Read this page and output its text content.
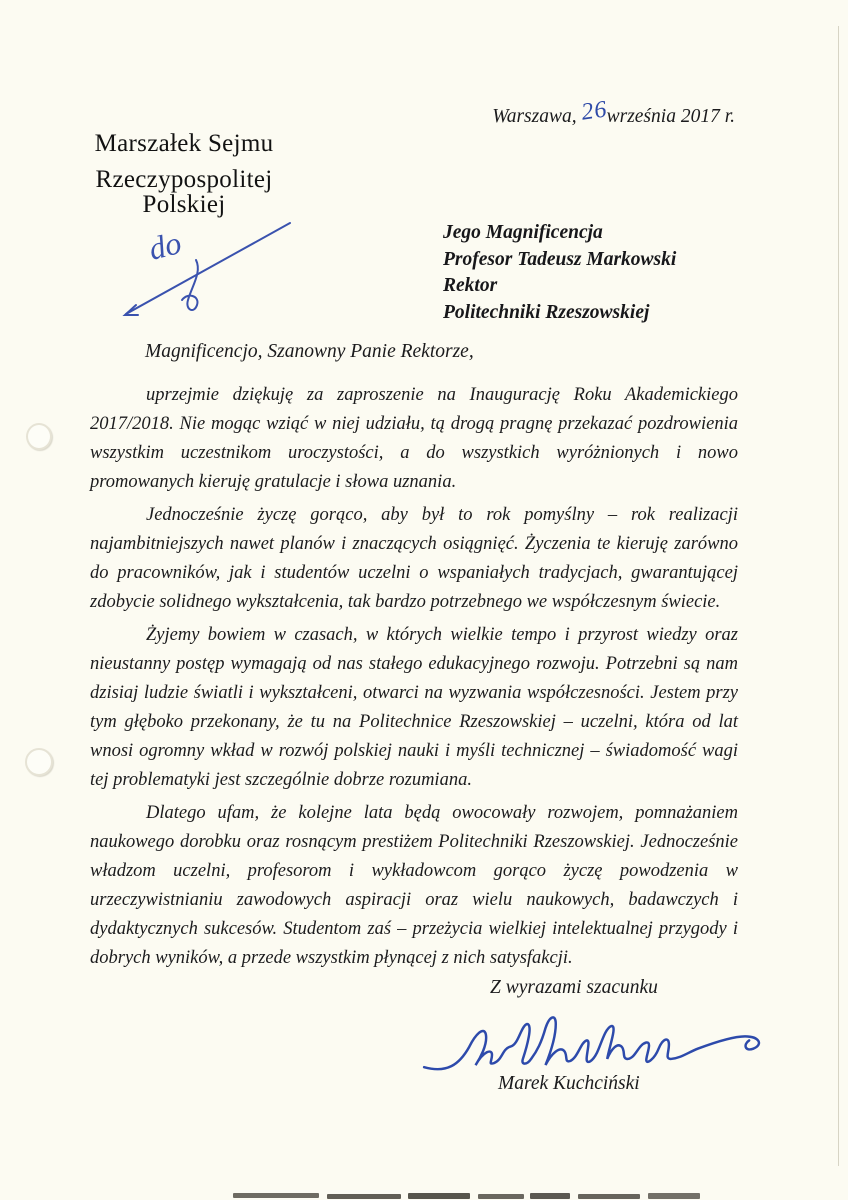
Warszawa, 26września 2017 r.
Marszałek Sejmu
Rzeczypospolitej Polskiej
do	Jego Magnificencja
Profesor Tadeusz Markowski
Rektor
Politechniki Rzeszowskiej
Magnificencjo, Szanowny Panie Rektorze,

uprzejmie dziękuję za zaproszenie na Inaugurację Roku Akademickiego 2017/2018. Nie mogąc wziąć w niej udziału, tą drogą pragnę przekazać pozdrowienia wszystkim uczestnikom uroczystości, a do wszystkich wyróżnionych i nowo promowanych kieruję gratulacje i słowa uznania.

Jednocześnie życzę gorąco, aby był to rok pomyślny – rok realizacji najambitniejszych nawet planów i znaczących osiągnięć. Życzenia te kieruję zarówno do pracowników, jak i studentów uczelni o wspaniałych tradycjach, gwarantującej zdobycie solidnego wykształcenia, tak bardzo potrzebnego we współczesnym świecie.

Żyjemy bowiem w czasach, w których wielkie tempo i przyrost wiedzy oraz nieustanny postęp wymagają od nas stałego edukacyjnego rozwoju. Potrzebni są nam dzisiaj ludzie światli i wykształceni, otwarci na wyzwania współczesności. Jestem przy tym głęboko przekonany, że tu na Politechnice Rzeszowskiej – uczelni, która od lat wnosi ogromny wkład w rozwój polskiej nauki i myśli technicznej – świadomość wagi tej problematyki jest szczególnie dobrze rozumiana.

Dlatego ufam, że kolejne lata będą owocowały rozwojem, pomnażaniem naukowego dorobku oraz rosnącym prestiżem Politechniki Rzeszowskiej. Jednocześnie władzom uczelni, profesorom i wykładowcom gorąco życzę powodzenia w urzeczywistnianiu zawodowych aspiracji oraz wielu naukowych, badawczych i dydaktycznych sukcesów. Studentom zaś – przeżycia wielkiej intelektualnej przygody i dobrych wyników, a przede wszystkim płynącej z nich satysfakcji.

Z wyrazami szacunku
Marek Kuchciński
